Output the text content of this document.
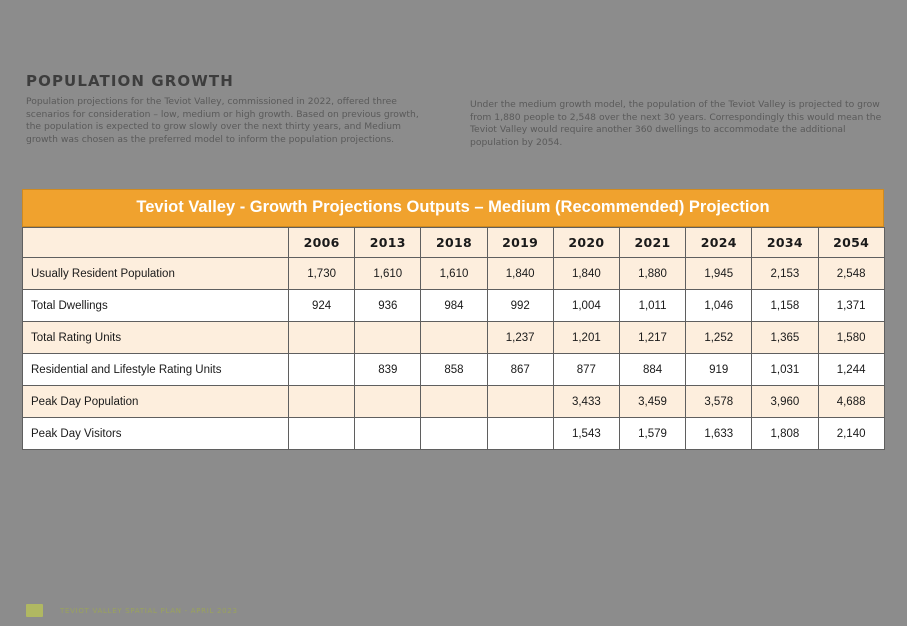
POPULATION GROWTH
Population projections for the Teviot Valley, commissioned in 2022, offered three scenarios for consideration – low, medium or high growth. Based on previous growth, the population is expected to grow slowly over the next thirty years, and Medium growth was chosen as the preferred model to inform the population projections.
Under the medium growth model, the population of the Teviot Valley is projected to grow from 1,880 people to 2,548 over the next 30 years. Correspondingly this would mean the Teviot Valley would require another 360 dwellings to accommodate the additional population by 2054.
Teviot Valley - Growth Projections Outputs – Medium (Recommended) Projection
	2006	2013	2018	2019	2020	2021	2024	2034	2054
Usually Resident Population	1,730	1,610	1,610	1,840	1,840	1,880	1,945	2,153	2,548
Total Dwellings	924	936	984	992	1,004	1,011	1,046	1,158	1,371
Total Rating Units				1,237	1,201	1,217	1,252	1,365	1,580
Residential and Lifestyle Rating Units		839	858	867	877	884	919	1,031	1,244
Peak Day Population					3,433	3,459	3,578	3,960	4,688
Peak Day Visitors					1,543	1,579	1,633	1,808	2,140
TEVIOT VALLEY SPATIAL PLAN - APRIL 2023
